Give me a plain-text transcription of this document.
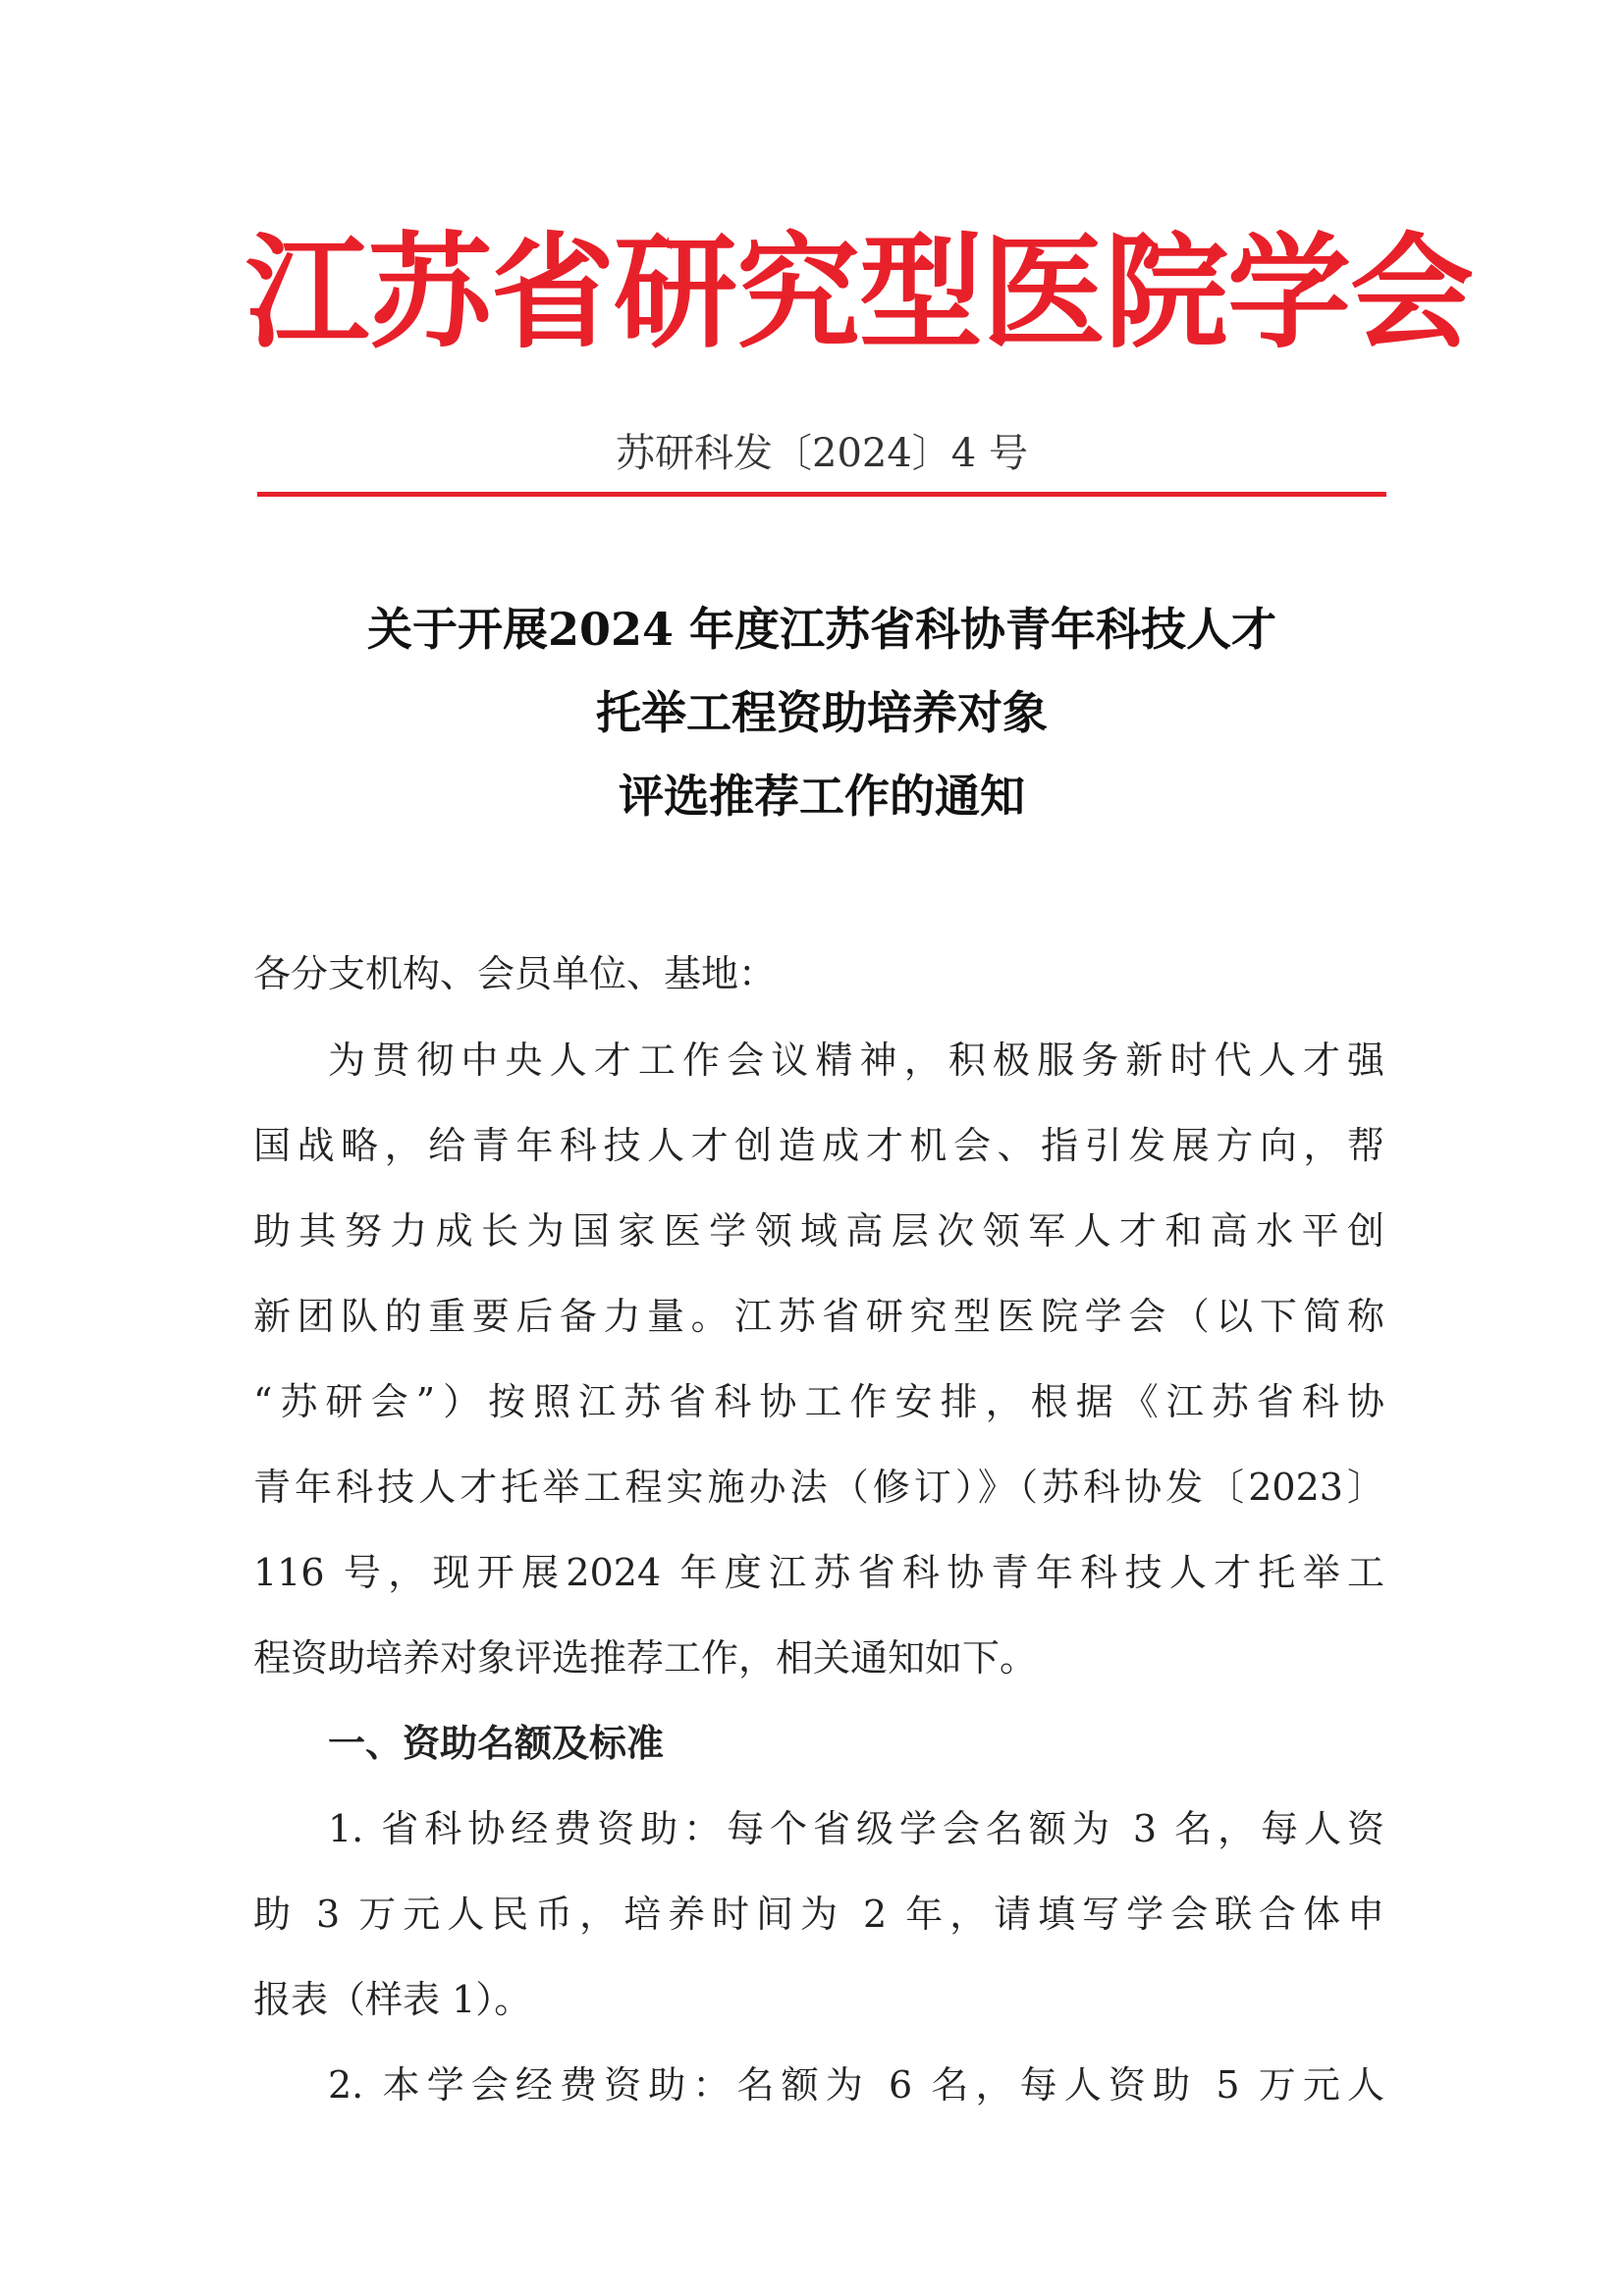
江苏省研究型医院学会
苏研科发〔2024〕4 号
关于开展2024 年度江苏省科协青年科技人才
托举工程资助培养对象
评选推荐工作的通知
各分支机构、会员单位、基地：
为贯彻中央人才工作会议精神，积极服务新时代人才强
国战略，给青年科技人才创造成才机会、指引发展方向，帮
助其努力成长为国家医学领域高层次领军人才和高水平创
新团队的重要后备力量。江苏省研究型医院学会（以下简称
“苏研会”）按照江苏省科协工作安排，根据《江苏省科协
青年科技人才托举工程实施办法（修订）》（苏科协发〔2023〕
116 号，现开展2024 年度江苏省科协青年科技人才托举工
程资助培养对象评选推荐工作，相关通知如下。
一、资助名额及标准
1. 省科协经费资助：每个省级学会名额为 3 名，每人资
助 3 万元人民币，培养时间为 2 年，请填写学会联合体申
报表（样表 1）。
2. 本学会经费资助：名额为 6 名，每人资助 5 万元人
